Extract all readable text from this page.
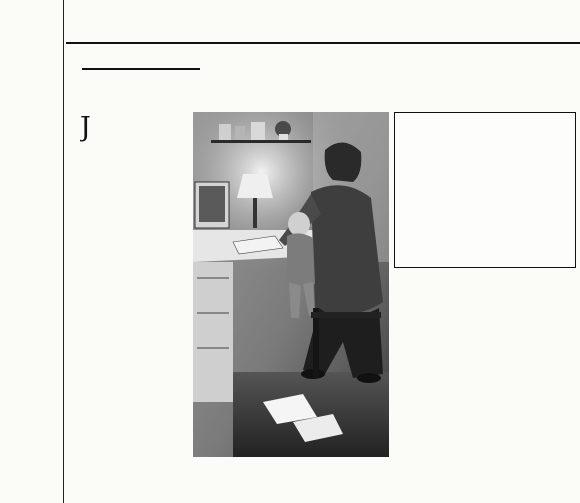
J
